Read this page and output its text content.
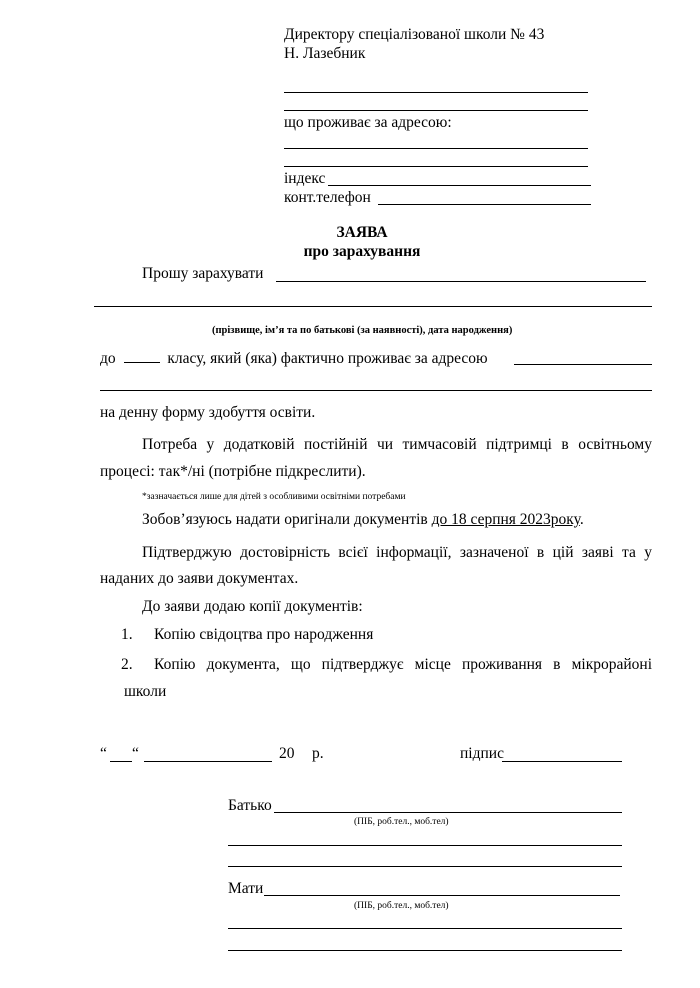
Директору спеціалізованої школи № 43
Н. Лазебник
що проживає за адресою:
індекс
конт.телефон
ЗАЯВА
про зарахування
Прошу зарахувати
(прізвище, ім’я та по батькові (за наявності), дата народження)
до	класу, який (яка) фактично проживає за адресою
на денну форму здобуття освіти.
Потреба у додатковій постійній чи тимчасовій підтримці в освітньому
процесі: так*/ні (потрібне підкреслити).
*зазначається лише для дітей з особливими освітніми потребами
Зобов’язуюсь надати оригінали документів до 18 серпня 2023року.
Підтверджую достовірність всієї інформації, зазначеної в цій заяві та у
наданих до заяви документах.
До заяви додаю копії документів:
1. Копію свідоцтва про народження
2. Копію документа, що підтверджує місце проживання в мікрорайоні
школи
“ “	20 р.	підпис
Батько
(ПІБ, роб.тел., моб.тел)
Мати
(ПІБ, роб.тел., моб.тел)
